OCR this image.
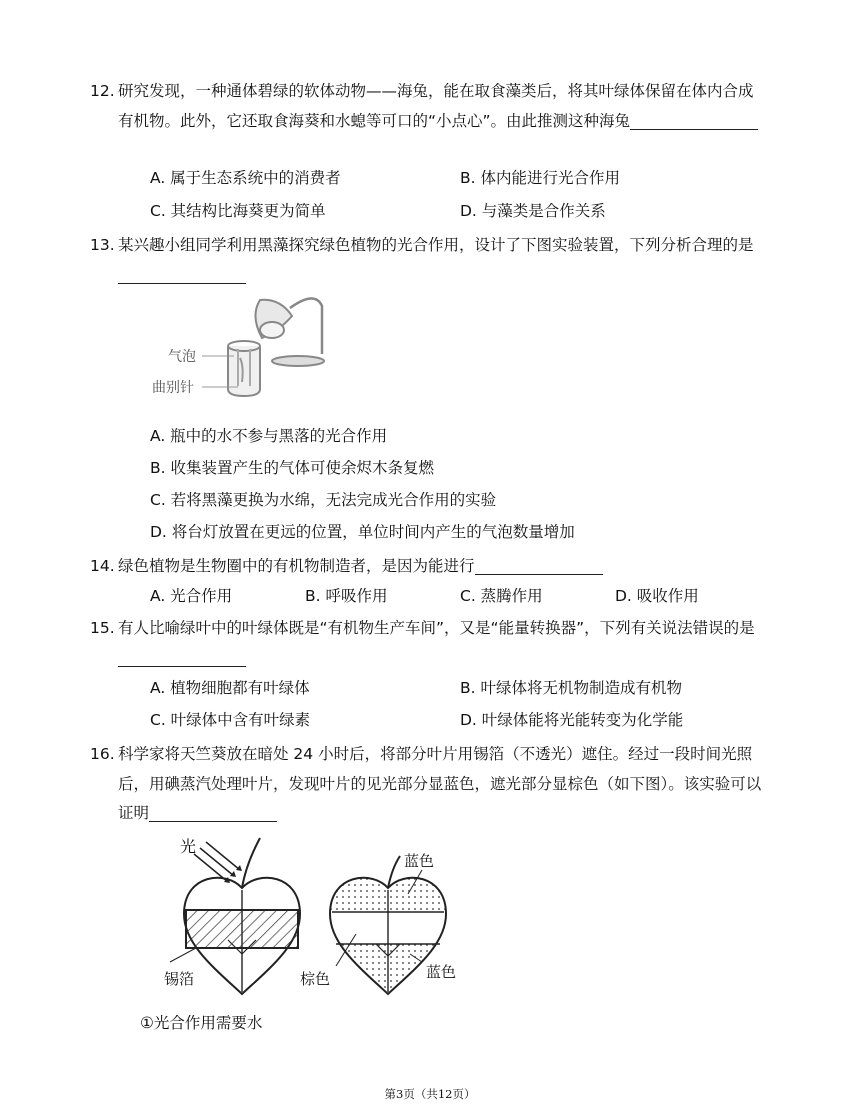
12. 研究发现，一种通体碧绿的软体动物——海兔，能在取食藻类后，将其叶绿体保留在体内合成有机物。此外，它还取食海葵和水螅等可口的“小点心”。由此推测这种海兔
A. 属于生态系统中的消费者	B. 体内能进行光合作用
C. 其结构比海葵更为简单	D. 与藻类是合作关系
13. 某兴趣小组同学利用黑藻探究绿色植物的光合作用，设计了下图实验装置，下列分析合理的是
气泡
曲别针
A. 瓶中的水不参与黑落的光合作用
B. 收集装置产生的气体可使余烬木条复燃
C. 若将黑藻更换为水绵，无法完成光合作用的实验
D. 将台灯放置在更远的位置，单位时间内产生的气泡数量增加
14. 绿色植物是生物圈中的有机物制造者，是因为能进行
A. 光合作用	B. 呼吸作用	C. 蒸腾作用	D. 吸收作用
15. 有人比喻绿叶中的叶绿体既是“有机物生产车间”，又是“能量转换器”，下列有关说法错误的是
A. 植物细胞都有叶绿体	B. 叶绿体将无机物制造成有机物
C. 叶绿体中含有叶绿素	D. 叶绿体能将光能转变为化学能
16. 科学家将天竺葵放在暗处 24 小时后，将部分叶片用锡箔（不透光）遮住。经过一段时间光照后，用碘蒸汽处理叶片，发现叶片的见光部分显蓝色，遮光部分显棕色（如下图）。该实验可以证明
光
锡箔
蓝色
棕色	蓝色
①光合作用需要水
第3页（共12页）
